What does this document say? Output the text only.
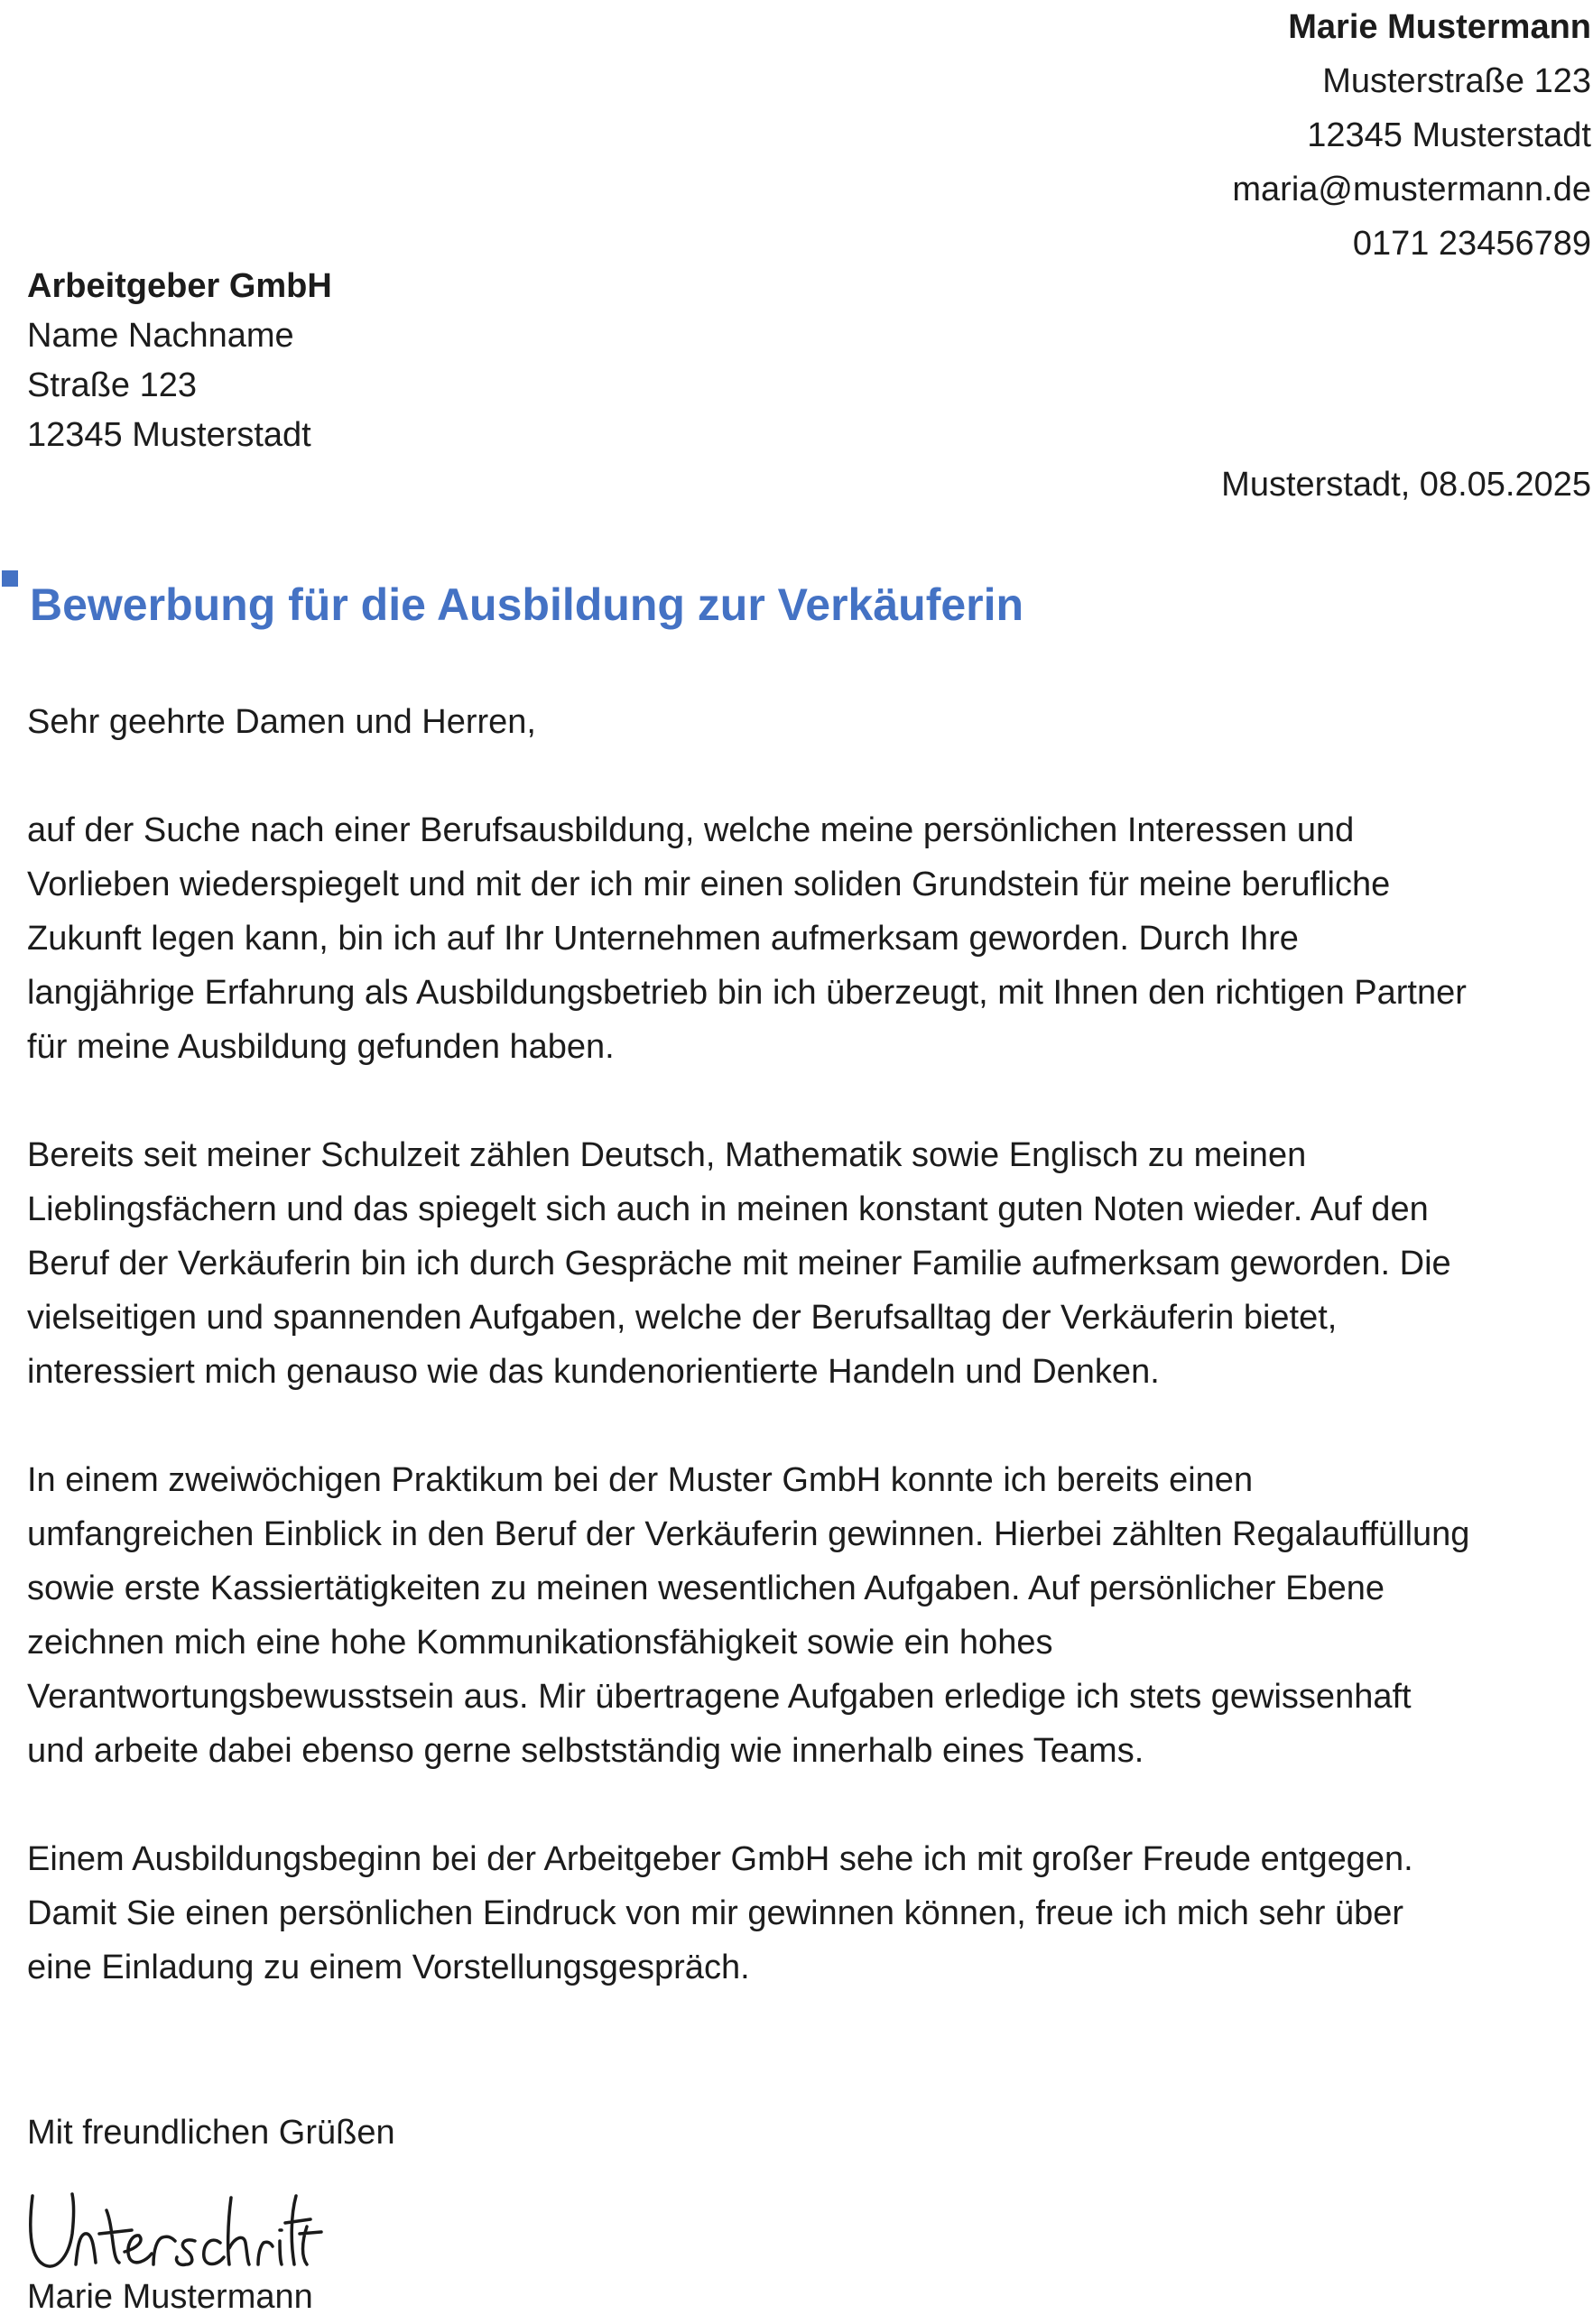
Marie Mustermann
Musterstraße 123
12345 Musterstadt
maria@mustermann.de
0171 23456789
Arbeitgeber GmbH
Name Nachname
Straße 123
12345 Musterstadt
Musterstadt, 08.05.2025
Bewerbung für die Ausbildung zur Verkäuferin
Sehr geehrte Damen und Herren,

auf der Suche nach einer Berufsausbildung, welche meine persönlichen Interessen und
Vorlieben wiederspiegelt und mit der ich mir einen soliden Grundstein für meine berufliche
Zukunft legen kann, bin ich auf Ihr Unternehmen aufmerksam geworden. Durch Ihre
langjährige Erfahrung als Ausbildungsbetrieb bin ich überzeugt, mit Ihnen den richtigen Partner
für meine Ausbildung gefunden haben.

Bereits seit meiner Schulzeit zählen Deutsch, Mathematik sowie Englisch zu meinen
Lieblingsfächern und das spiegelt sich auch in meinen konstant guten Noten wieder. Auf den
Beruf der Verkäuferin bin ich durch Gespräche mit meiner Familie aufmerksam geworden. Die
vielseitigen und spannenden Aufgaben, welche der Berufsalltag der Verkäuferin bietet,
interessiert mich genauso wie das kundenorientierte Handeln und Denken.

In einem zweiwöchigen Praktikum bei der Muster GmbH konnte ich bereits einen
umfangreichen Einblick in den Beruf der Verkäuferin gewinnen. Hierbei zählten Regalauffüllung
sowie erste Kassiertätigkeiten zu meinen wesentlichen Aufgaben. Auf persönlicher Ebene
zeichnen mich eine hohe Kommunikationsfähigkeit sowie ein hohes
Verantwortungsbewusstsein aus. Mir übertragene Aufgaben erledige ich stets gewissenhaft
und arbeite dabei ebenso gerne selbstständig wie innerhalb eines Teams.

Einem Ausbildungsbeginn bei der Arbeitgeber GmbH sehe ich mit großer Freude entgegen.
Damit Sie einen persönlichen Eindruck von mir gewinnen können, freue ich mich sehr über
eine Einladung zu einem Vorstellungsgespräch.

Mit freundlichen Grüßen
Marie Mustermann
